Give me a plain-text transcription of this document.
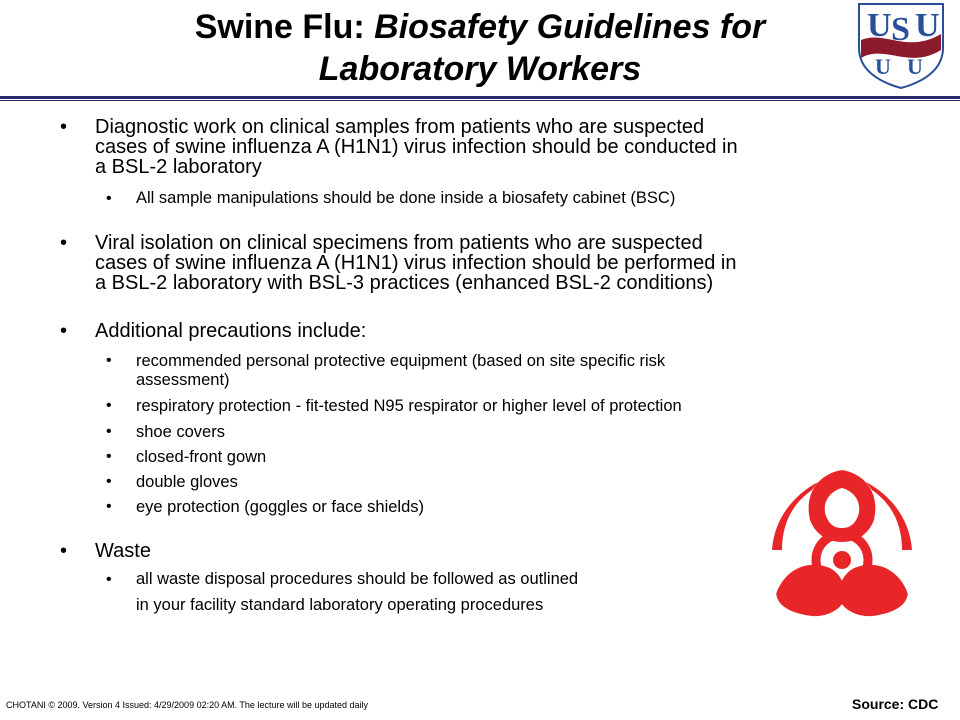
Swine Flu: Biosafety Guidelines for
Laboratory Workers
U S U
U U
• Diagnostic work on clinical samples from patients who are suspected
cases of swine influenza A (H1N1) virus infection should be conducted in
a BSL-2 laboratory
• All sample manipulations should be done inside a biosafety cabinet (BSC)
• Viral isolation on clinical specimens from patients who are suspected
cases of swine influenza A (H1N1) virus infection should be performed in
a BSL-2 laboratory with BSL-3 practices (enhanced BSL-2 conditions)
• Additional precautions include:
• recommended personal protective equipment (based on site specific risk
assessment)
• respiratory protection - fit-tested N95 respirator or higher level of protection
• shoe covers
• closed-front gown
• double gloves
• eye protection (goggles or face shields)
• Waste
• all waste disposal procedures should be followed as outlined
in your facility standard laboratory operating procedures
CHOTANI © 2009. Version 4 Issued: 4/29/2009 02:20 AM. The lecture will be updated daily	Source: CDC
